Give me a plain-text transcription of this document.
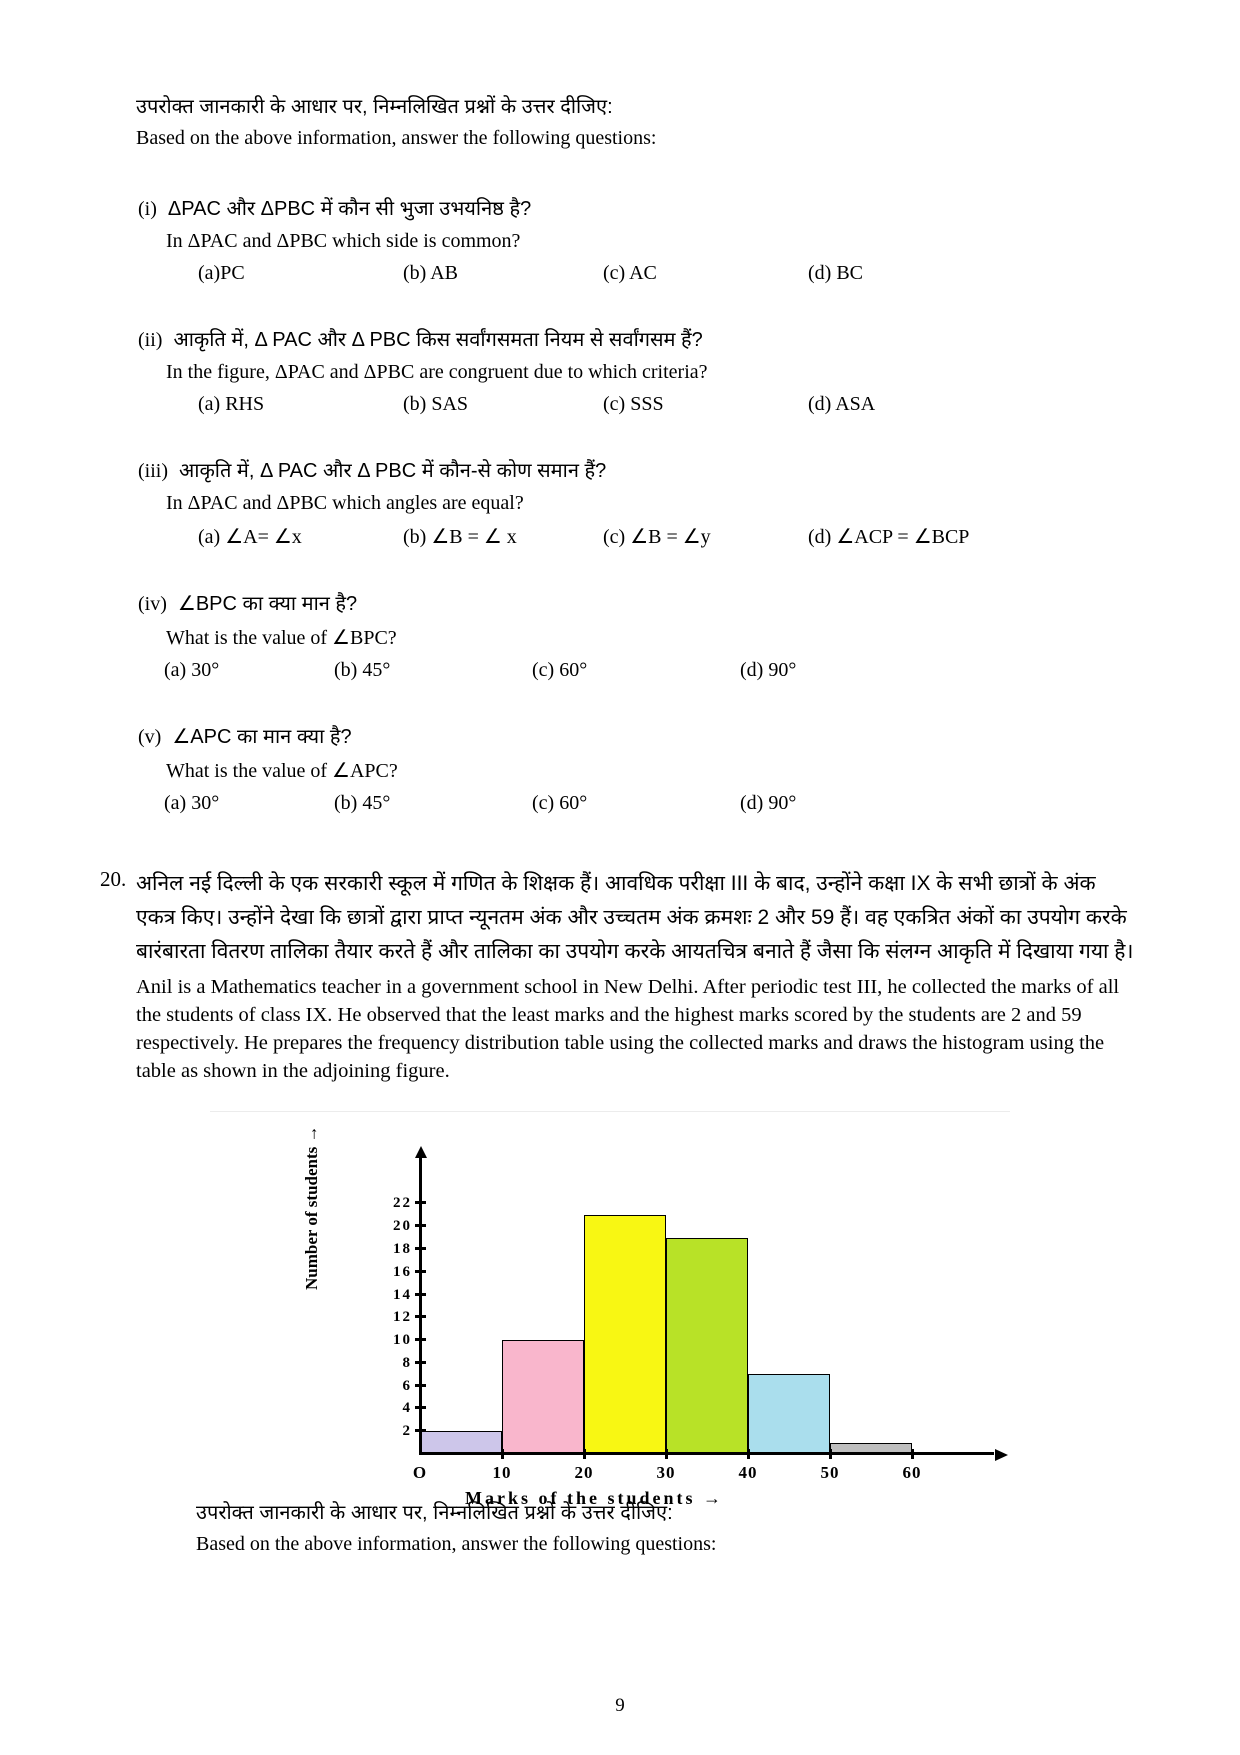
उपरोक्त जानकारी के आधार पर, निम्नलिखित प्रश्नों के उत्तर दीजिए:
Based on the above information, answer the following questions:
(i) ΔPAC और ΔPBC में कौन सी भुजा उभयनिष्ठ है?
In ΔPAC and ΔPBC which side is common?
(a)PC	(b) AB	(c) AC	(d) BC
(ii) आकृति में, Δ PAC और Δ PBC किस सर्वांगसमता नियम से सर्वांगसम हैं?
In the figure, ΔPAC and ΔPBC are congruent due to which criteria?
(a) RHS	(b) SAS	(c) SSS	(d) ASA
(iii) आकृति में, Δ PAC और Δ PBC में कौन-से कोण समान हैं?
In ΔPAC and ΔPBC which angles are equal?
(a) ∠A= ∠x	(b) ∠B = ∠ x	(c) ∠B = ∠y	(d) ∠ACP = ∠BCP
(iv) ∠BPC का क्या मान है?
What is the value of ∠BPC?
(a) 30°	(b) 45°	(c) 60°	(d) 90°
(v) ∠APC का मान क्या है?
What is the value of ∠APC?
(a) 30°	(b) 45°	(c) 60°	(d) 90°
20. अनिल नई दिल्ली के एक सरकारी स्कूल में गणित के शिक्षक हैं। आवधिक परीक्षा III के बाद, उन्होंने कक्षा IX के सभी छात्रों के अंक एकत्र किए। उन्होंने देखा कि छात्रों द्वारा प्राप्त न्यूनतम अंक और उच्चतम अंक क्रमशः 2 और 59 हैं। वह एकत्रित अंकों का उपयोग करके बारंबारता वितरण तालिका तैयार करते हैं और तालिका का उपयोग करके आयतचित्र बनाते हैं जैसा कि संलग्न आकृति में दिखाया गया है।
Anil is a Mathematics teacher in a government school in New Delhi. After periodic test III, he collected the marks of all the students of class IX. He observed that the least marks and the highest marks scored by the students are 2 and 59 respectively. He prepares the frequency distribution table using the collected marks and draws the histogram using the table as shown in the adjoining figure.
Number of students →
2
4
6
8
10
12
14
16
18
20
22
O	10	20	30	40	50	60
Marks of the students →
उपरोक्त जानकारी के आधार पर, निम्नलिखित प्रश्नों के उत्तर दीजिए:
Based on the above information, answer the following questions:
9
